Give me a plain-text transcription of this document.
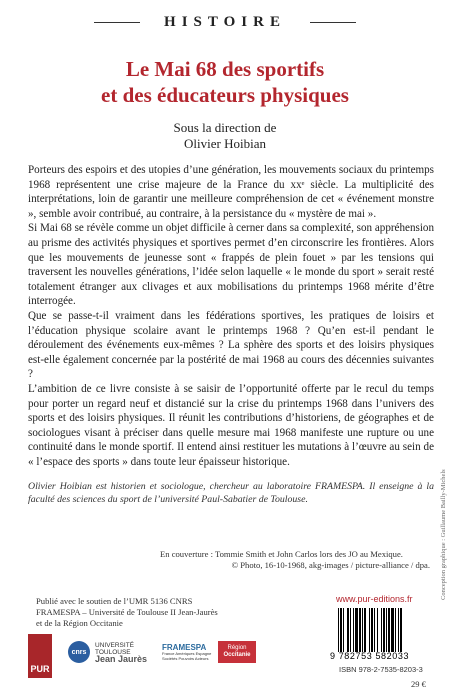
HISTOIRE
Le Mai 68 des sportifs
et des éducateurs physiques
Sous la direction de
Olivier Hoibian

Porteurs des espoirs et des utopies d’une génération, les mouvements sociaux du printemps 1968 représentent une crise majeure de la France du xxᵉ siècle. La multiplicité des interprétations, loin de garantir une meilleure compréhension de cet « événement monstre », semble avoir contribué, au contraire, à la persistance du « mystère de mai ».

Si Mai 68 se révèle comme un objet difficile à cerner dans sa complexité, son appréhension au prisme des activités physiques et sportives permet d’en circonscrire les frontières. Alors que les mouvements de jeunesse sont « frappés de plein fouet » par les tensions qui traversent les nouvelles générations, l’idée selon laquelle « le monde du sport » serait resté totalement étranger aux clivages et aux mobilisations du printemps 1968 mérite d’être interrogée.

Que se passe-t-il vraiment dans les fédérations sportives, les pratiques de loisirs et l’éducation physique scolaire avant le printemps 1968 ? Qu’en est-il pendant le déroulement des événements eux-mêmes ? La sphère des sports et des loisirs physiques est-elle également concernée par la postérité de mai 1968 au cours des décennies suivantes ?

L’ambition de ce livre consiste à se saisir de l’opportunité offerte par le recul du temps pour porter un regard neuf et distancié sur la crise du printemps 1968 dans l’univers des sports et des loisirs physiques. Il réunit les contributions d’historiens, de géographes et de sociologues visant à préciser dans quelle mesure mai 1968 manifeste une rupture ou une continuité dans le monde sportif. Il entend ainsi restituer les mutations à l’œuvre au sein de « l’espace des sports » dans toute leur épaisseur historique.

Olivier Hoibian est historien et sociologue, chercheur au laboratoire FRAMESPA. Il enseigne à la faculté des sciences du sport de l’université Paul-Sabatier de Toulouse.
En couverture : Tommie Smith et John Carlos lors des JO au Mexique.
© Photo, 16-10-1968, akg-images / picture-alliance / dpa.
Publié avec le soutien de l’UMR 5136 CNRS
FRAMESPA – Université de Toulouse II Jean-Jaurès
et de la Région Occitanie
www.pur-editions.fr
9 782753 582033
ISBN 978-2-7535-8203-3
29 €
PUR
cnrs
UNIVERSITÉ TOULOUSE
Jean Jaurès
FRAMESPA
France Amériques Espagne Sociétés Pouvoirs Acteurs
Région
Occitanie
Conception graphique : Guillaume Bailly-Michels
